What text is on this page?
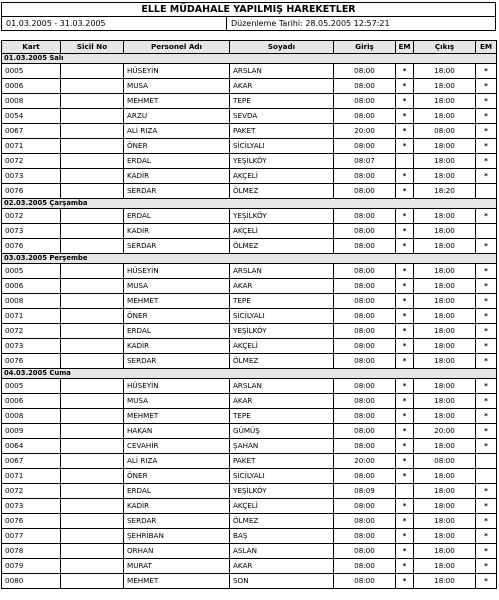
ELLE MÜDAHALE YAPILMIŞ HAREKETLER
01.03.2005 - 31.03.2005	Düzenleme Tarihi: 28.05.2005 12:57:21
Kart	Sicil No	Personel Adı	Soyadı	Giriş	EM	Çıkış	EM
01.03.2005 Salı							
0005		HÜSEYİN	ARSLAN	08:00	*	18:00	*
0006		MUSA	AKAR	08:00	*	18:00	*
0008		MEHMET	TEPE	08:00	*	18:00	*
0054		ARZU	SEVDA	08:00	*	18:00	*
0067		ALİ RIZA	PAKET	20:00	*	08:00	*
0071		ÖNER	SİCİLYALI	08:00	*	18:00	*
0072		ERDAL	YEŞİLKÖY	08:07		18:00	*
0073		KADİR	AKÇELİ	08:00	*	18:00	*
0076		SERDAR	ÖLMEZ	08:00	*	18:20	
02.03.2005 Çarşamba							
0072		ERDAL	YEŞİLKÖY	08:00	*	18:00	*
0073		KADİR	AKÇELİ	08:00	*	18:00	
0076		SERDAR	ÖLMEZ	08:00	*	18:00	*
03.03.2005 Perşembe							
0005		HÜSEYİN	ARSLAN	08:00	*	18:00	*
0006		MUSA	AKAR	08:00	*	18:00	*
0008		MEHMET	TEPE	08:00	*	18:00	*
0071		ÖNER	SİCİLYALI	08:00	*	18:00	*
0072		ERDAL	YEŞİLKÖY	08:00	*	18:00	*
0073		KADİR	AKÇELİ	08:00	*	18:00	*
0076		SERDAR	ÖLMEZ	08:00	*	18:00	*
04.03.2005 Cuma							
0005		HÜSEYİN	ARSLAN	08:00	*	18:00	*
0006		MUSA	AKAR	08:00	*	18:00	*
0008		MEHMET	TEPE	08:00	*	18:00	*
0009		HAKAN	GÜMÜŞ	08:00	*	20:00	*
0064		CEVAHİR	ŞAHAN	08:00	*	18:00	*
0067		ALİ RIZA	PAKET	20:00	*	08:00	
0071		ÖNER	SİCİLYALI	08:00	*	18:00	
0072		ERDAL	YEŞİLKÖY	08:09		18:00	*
0073		KADİR	AKÇELİ	08:00	*	18:00	*
0076		SERDAR	ÖLMEZ	08:00	*	18:00	*
0077		ŞEHRİBAN	BAŞ	08:00	*	18:00	*
0078		ORHAN	ASLAN	08:00	*	18:00	*
0079		MURAT	AKAR	08:00	*	18:00	*
0080		MEHMET	SON	08:00	*	18:00	*
